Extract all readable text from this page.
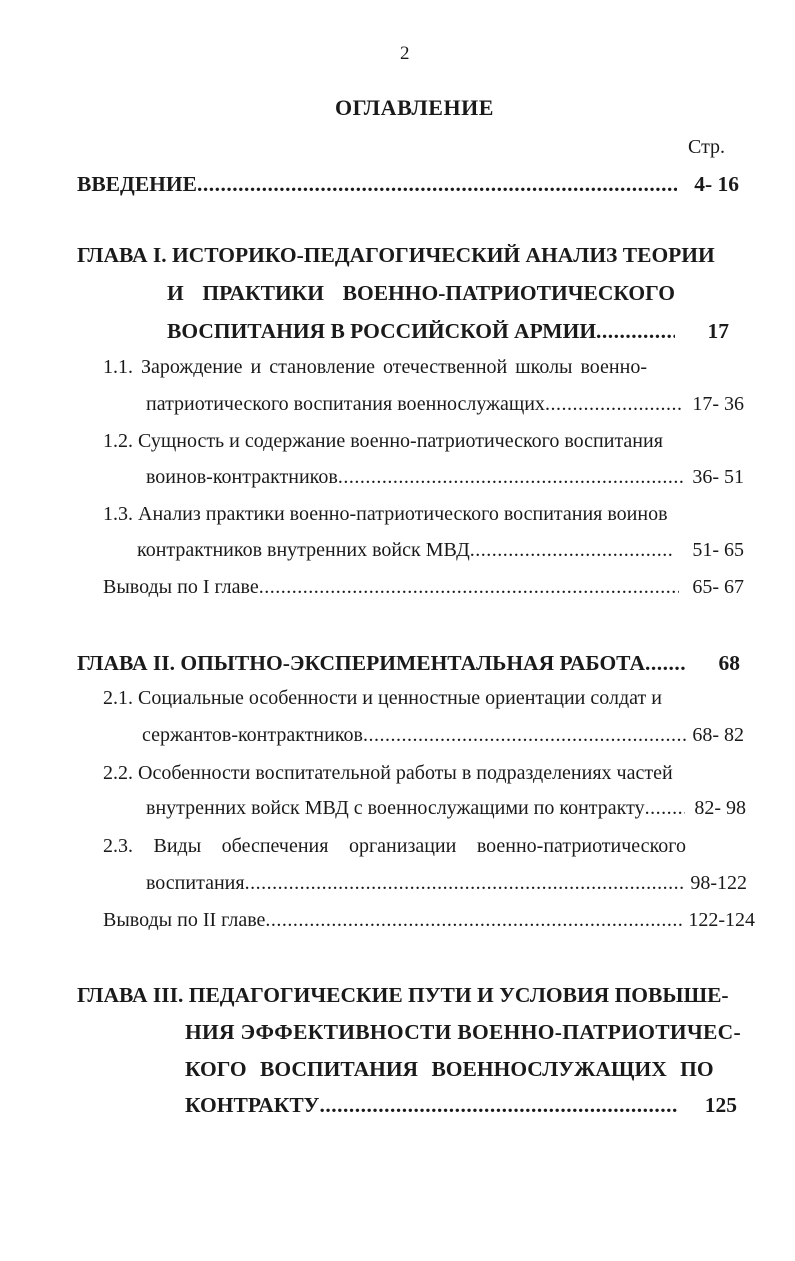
2
ОГЛАВЛЕНИЕ
Стр.
ВВЕДЕНИЕ .....	4- 16
ГЛАВА I. ИСТОРИКО-ПЕДАГОГИЧЕСКИЙ АНАЛИЗ ТЕОРИИ
И ПРАКТИКИ ВОЕННО-ПАТРИОТИЧЕСКОГО
ВОСПИТАНИЯ В РОССИЙСКОЙ АРМИИ .....	17
1.1. Зарождение и становление отечественной школы военно-
патриотического воспитания военнослужащих .....	17- 36
1.2. Сущность и содержание военно-патриотического воспитания
воинов-контрактников .....	36- 51
1.3. Анализ практики военно-патриотического воспитания воинов
контрактников внутренних войск МВД .....	51- 65
Выводы по I главе .....	65- 67
ГЛАВА II. ОПЫТНО-ЭКСПЕРИМЕНТАЛЬНАЯ РАБОТА .....	68
2.1. Социальные особенности и ценностные ориентации солдат и
сержантов-контрактников .....	68- 82
2.2. Особенности воспитательной работы в подразделениях частей
внутренних войск МВД с военнослужащими по контракту ..... 82- 98
2.3. Виды обеспечения организации военно-патриотического
воспитания .....	98-122
Выводы по II главе .....	122-124
ГЛАВА III. ПЕДАГОГИЧЕСКИЕ ПУТИ И УСЛОВИЯ ПОВЫШЕ-
НИЯ ЭФФЕКТИВНОСТИ ВОЕННО-ПАТРИОТИЧЕС-
КОГО ВОСПИТАНИЯ ВОЕННОСЛУЖАЩИХ ПО
КОНТРАКТУ .....	125
